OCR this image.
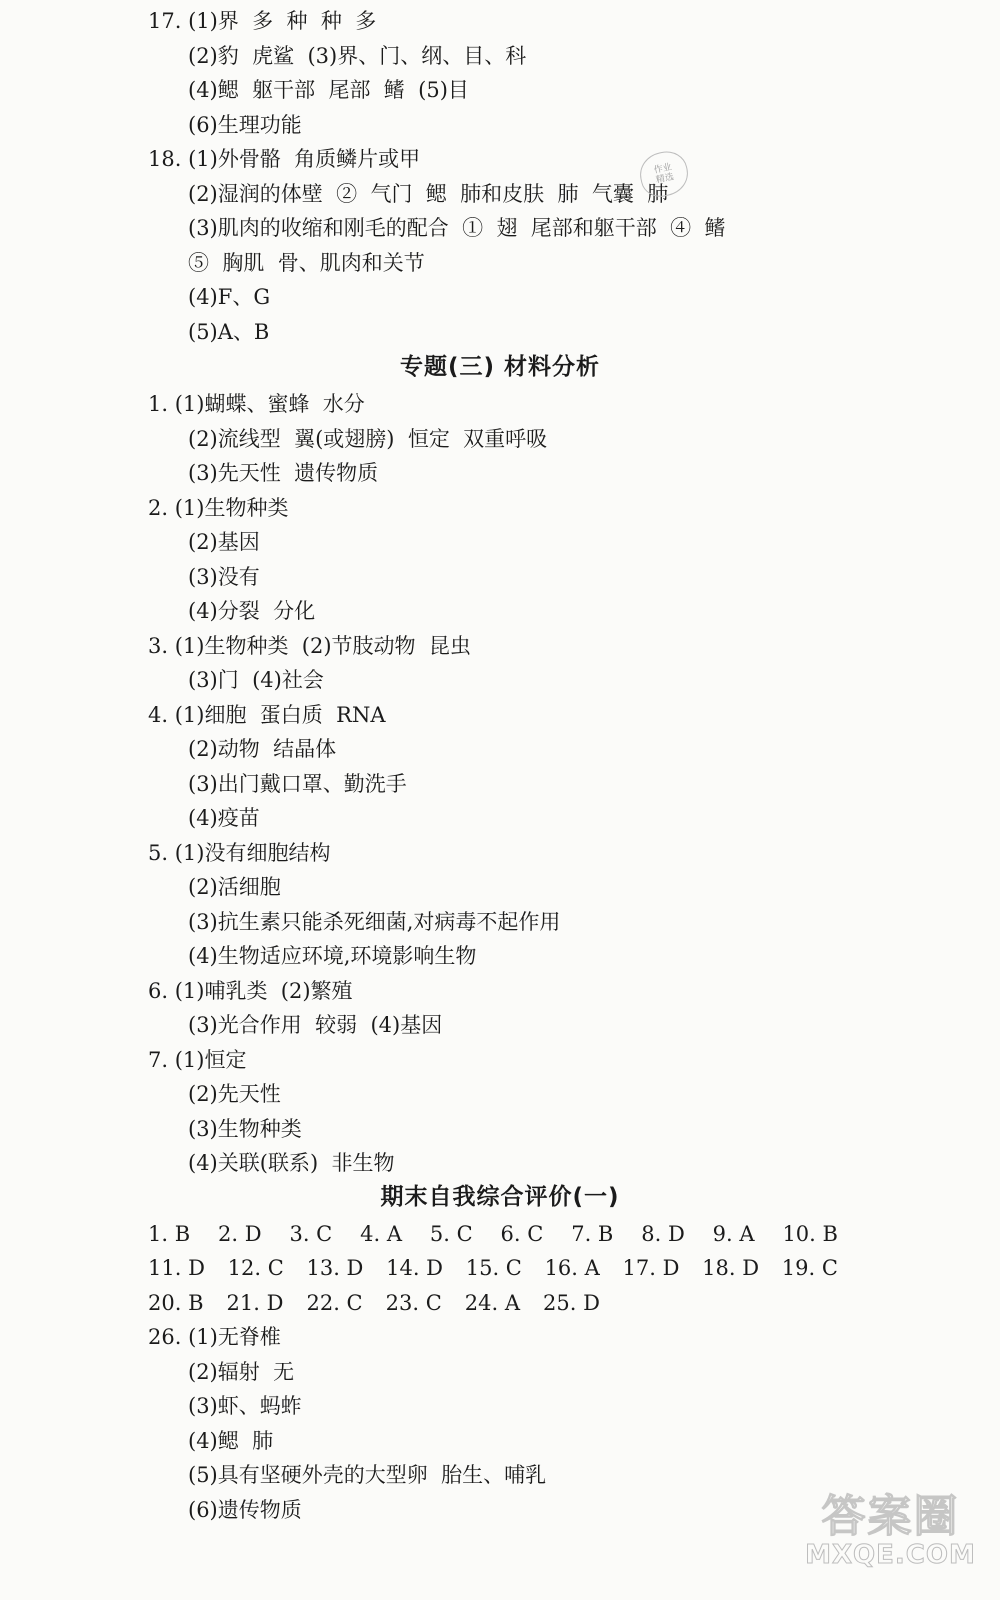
17. (1)界  多  种  种  多
(2)豹  虎鲨  (3)界、门、纲、目、科
(4)鳃  躯干部  尾部  鳍  (5)目
(6)生理功能
18. (1)外骨骼  角质鳞片或甲
(2)湿润的体壁  ②  气门  鳃  肺和皮肤  肺  气囊  肺
(3)肌肉的收缩和刚毛的配合  ①  翅  尾部和躯干部  ④  鳍
⑤  胸肌  骨、肌肉和关节
(4)F、G
(5)A、B
作业
精选
专题(三) 材料分析
1. (1)蝴蝶、蜜蜂  水分
(2)流线型  翼(或翅膀)  恒定  双重呼吸
(3)先天性  遗传物质
2. (1)生物种类
(2)基因
(3)没有
(4)分裂  分化
3. (1)生物种类  (2)节肢动物  昆虫
(3)门  (4)社会
4. (1)细胞  蛋白质  RNA
(2)动物  结晶体
(3)出门戴口罩、勤洗手
(4)疫苗
5. (1)没有细胞结构
(2)活细胞
(3)抗生素只能杀死细菌,对病毒不起作用
(4)生物适应环境,环境影响生物
6. (1)哺乳类  (2)繁殖
(3)光合作用  较弱  (4)基因
7. (1)恒定
(2)先天性
(3)生物种类
(4)关联(联系)  非生物
期末自我综合评价(一)
1. B 2. D 3. C 4. A 5. C 6. C 7. B 8. D 9. A 10. B
11. D 12. C 13. D 14. D 15. C 16. A 17. D 18. D 19. C
20. B 21. D 22. C 23. C 24. A 25. D
26. (1)无脊椎
(2)辐射  无
(3)虾、蚂蚱
(4)鳃  肺
(5)具有坚硬外壳的大型卵  胎生、哺乳
(6)遗传物质	答案圈
MXQE.COM
